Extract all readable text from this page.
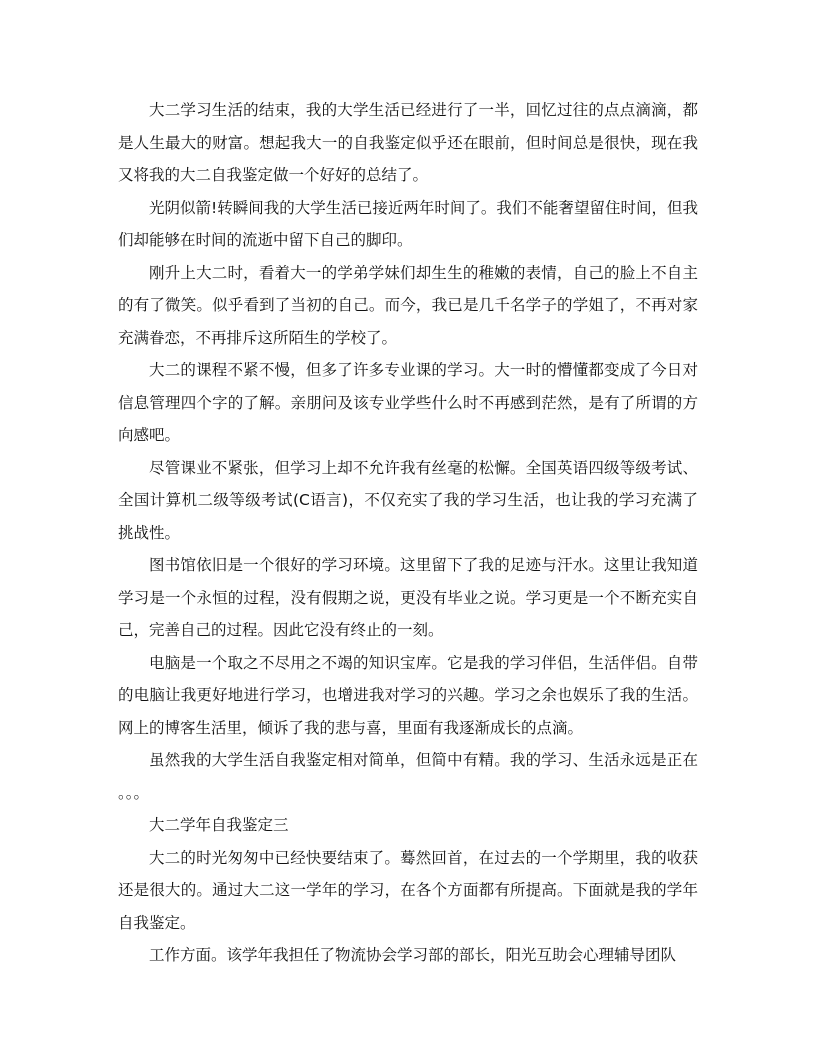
大二学习生活的结束，我的大学生活已经进行了一半，回忆过往的点点滴滴，都是人生最大的财富。想起我大一的自我鉴定似乎还在眼前，但时间总是很快，现在我又将我的大二自我鉴定做一个好好的总结了。

光阴似箭!转瞬间我的大学生活已接近两年时间了。我们不能奢望留住时间，但我们却能够在时间的流逝中留下自己的脚印。

刚升上大二时，看着大一的学弟学妹们却生生的稚嫩的表情，自己的脸上不自主的有了微笑。似乎看到了当初的自己。而今，我已是几千名学子的学姐了，不再对家充满眷恋，不再排斥这所陌生的学校了。

大二的课程不紧不慢，但多了许多专业课的学习。大一时的懵懂都变成了今日对信息管理四个字的了解。亲朋问及该专业学些什么时不再感到茫然，是有了所谓的方向感吧。

尽管课业不紧张，但学习上却不允许我有丝毫的松懈。全国英语四级等级考试、全国计算机二级等级考试(C语言)，不仅充实了我的学习生活，也让我的学习充满了挑战性。

图书馆依旧是一个很好的学习环境。这里留下了我的足迹与汗水。这里让我知道学习是一个永恒的过程，没有假期之说，更没有毕业之说。学习更是一个不断充实自己，完善自己的过程。因此它没有终止的一刻。

电脑是一个取之不尽用之不竭的知识宝库。它是我的学习伴侣，生活伴侣。自带的电脑让我更好地进行学习，也增进我对学习的兴趣。学习之余也娱乐了我的生活。网上的博客生活里，倾诉了我的悲与喜，里面有我逐渐成长的点滴。

虽然我的大学生活自我鉴定相对简单，但简中有精。我的学习、生活永远是正在。。。

大二学年自我鉴定三

大二的时光匆匆中已经快要结束了。蓦然回首，在过去的一个学期里，我的收获还是很大的。通过大二这一学年的学习，在各个方面都有所提高。下面就是我的学年自我鉴定。

工作方面。该学年我担任了物流协会学习部的部长，阳光互助会心理辅导团队
